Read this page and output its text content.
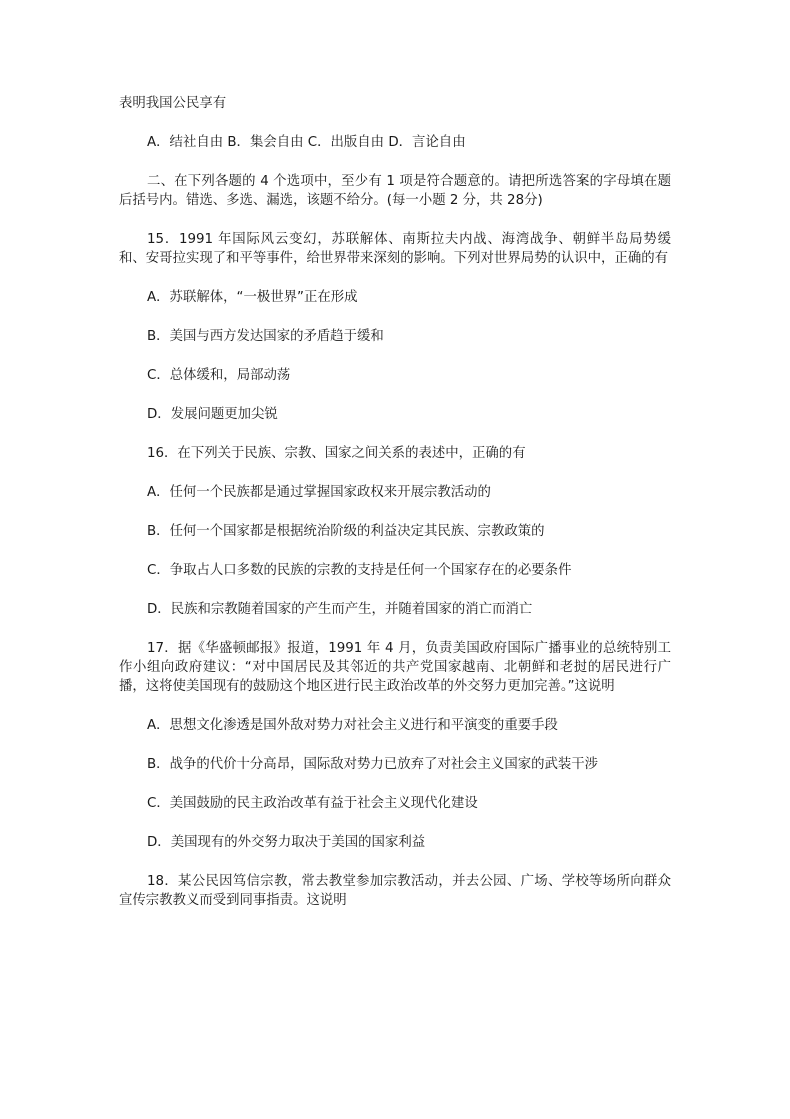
表明我国公民享有

A．结社自由 B．集会自由 C．出版自由 D．言论自由

二、在下列各题的 4 个选项中，至少有 1 项是符合题意的。请把所选答案的字母填在题后括号内。错选、多选、漏选，该题不给分。(每一小题 2 分，共 28分)

15．1991 年国际风云变幻，苏联解体、南斯拉夫内战、海湾战争、朝鲜半岛局势缓和、安哥拉实现了和平等事件，给世界带来深刻的影响。下列对世界局势的认识中，正确的有

A．苏联解体，“一极世界”正在形成

B．美国与西方发达国家的矛盾趋于缓和

C．总体缓和，局部动荡

D．发展问题更加尖锐

16．在下列关于民族、宗教、国家之间关系的表述中，正确的有

A．任何一个民族都是通过掌握国家政权来开展宗教活动的

B．任何一个国家都是根据统治阶级的利益决定其民族、宗教政策的

C．争取占人口多数的民族的宗教的支持是任何一个国家存在的必要条件

D．民族和宗教随着国家的产生而产生，并随着国家的消亡而消亡

17．据《华盛顿邮报》报道，1991 年 4 月，负责美国政府国际广播事业的总统特别工作小组向政府建议：“对中国居民及其邻近的共产党国家越南、北朝鲜和老挝的居民进行广播，这将使美国现有的鼓励这个地区进行民主政治改革的外交努力更加完善。”这说明

A．思想文化渗透是国外敌对势力对社会主义进行和平演变的重要手段

B．战争的代价十分高昂，国际敌对势力已放弃了对社会主义国家的武装干涉

C．美国鼓励的民主政治改革有益于社会主义现代化建设

D．美国现有的外交努力取决于美国的国家利益

18．某公民因笃信宗教，常去教堂参加宗教活动，并去公园、广场、学校等场所向群众宣传宗教教义而受到同事指责。这说明
